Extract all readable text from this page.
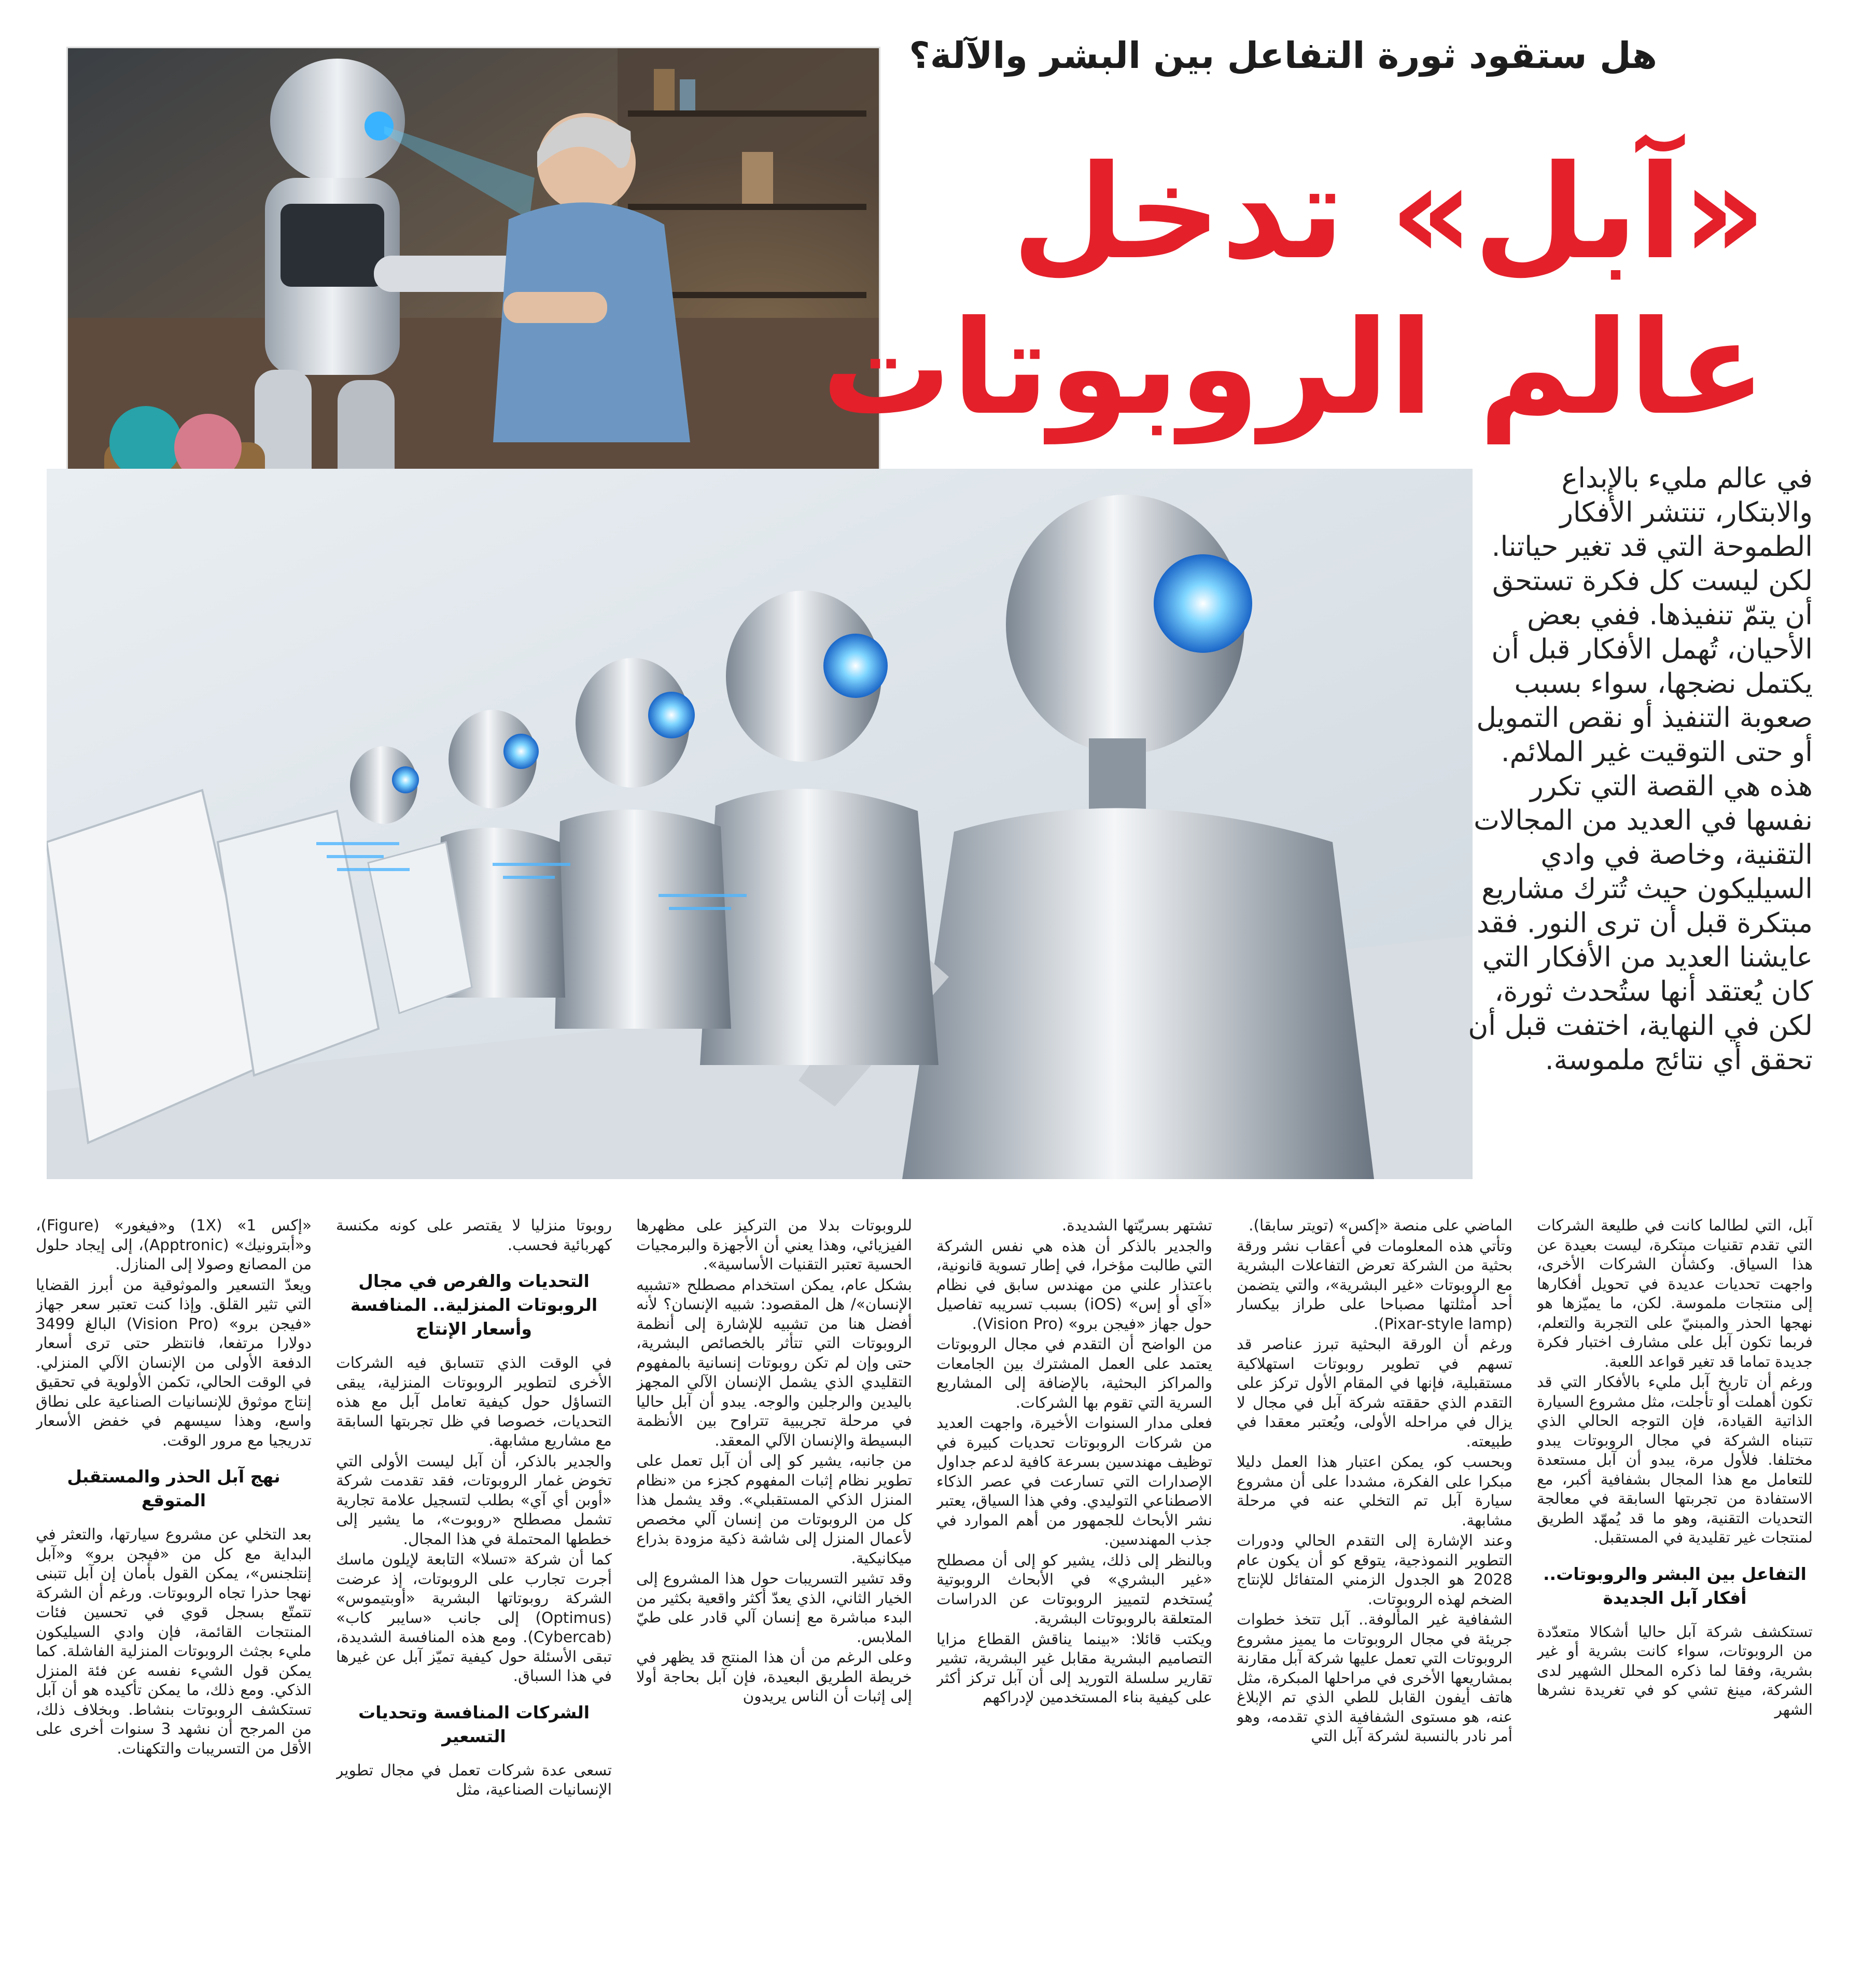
هل ستقود ثورة التفاعل بين البشر والآلة؟
«آبل» تدخل
عالم الروبوتات

في عالم مليء بالإبداع والابتكار، تنتشر الأفكار الطموحة التي قد تغير حياتنا. لكن ليست كل فكرة تستحق أن يتمّ تنفيذها. ففي بعض الأحيان، تُهمل الأفكار قبل أن يكتمل نضجها، سواء بسبب صعوبة التنفيذ أو نقص التمويل أو حتى التوقيت غير الملائم. هذه هي القصة التي تكرر نفسها في العديد من المجالات التقنية، وخاصة في وادي السيليكون حيث تُترك مشاريع مبتكرة قبل أن ترى النور. فقد عايشنا العديد من الأفكار التي كان يُعتقد أنها ستُحدث ثورة، لكن في النهاية، اختفت قبل أن تحقق أي نتائج ملموسة.

آبل، التي لطالما كانت في طليعة الشركات التي تقدم تقنيات مبتكرة، ليست بعيدة عن هذا السياق. وكشأن الشركات الأخرى، واجهت تحديات عديدة في تحويل أفكارها إلى منتجات ملموسة. لكن، ما يميّزها هو نهجها الحذر والمبنيّ على التجربة والتعلم، فربما تكون آبل على مشارف اختبار فكرة جديدة تماما قد تغير قواعد اللعبة.

ورغم أن تاريخ آبل مليء بالأفكار التي قد تكون أهملت أو تأجلت، مثل مشروع السيارة الذاتية القيادة، فإن التوجه الحالي الذي تتبناه الشركة في مجال الروبوتات يبدو مختلفا. فلأول مرة، يبدو أن آبل مستعدة للتعامل مع هذا المجال بشفافية أكبر، مع الاستفادة من تجربتها السابقة في معالجة التحديات التقنية، وهو ما قد يُمهّد الطريق لمنتجات غير تقليدية في المستقبل.

التفاعل بين البشر والروبوتات.. أفكار آبل الجديدة

تستكشف شركة آبل حاليا أشكالا متعدّدة من الروبوتات، سواء كانت بشرية أو غير بشرية، وفقا لما ذكره المحلل الشهير لدى الشركة، مينغ تشي كو في تغريدة نشرها الشهر

الماضي على منصة «إكس» (تويتر سابقا).

وتأتي هذه المعلومات في أعقاب نشر ورقة بحثية من الشركة تعرض التفاعلات البشرية مع الروبوتات «غير البشرية»، والتي يتضمن أحد أمثلتها مصباحا على طراز بيكسار (Pixar-style lamp).

ورغم أن الورقة البحثية تبرز عناصر قد تسهم في تطوير روبوتات استهلاكية مستقبلية، فإنها في المقام الأول تركز على التقدم الذي حققته شركة آبل في مجال لا يزال في مراحله الأولى، ويُعتبر معقدا في طبيعته.

وبحسب كو، يمكن اعتبار هذا العمل دليلا مبكرا على الفكرة، مشددا على أن مشروع سيارة آبل تم التخلي عنه في مرحلة مشابهة.

وعند الإشارة إلى التقدم الحالي ودورات التطوير النموذجية، يتوقع كو أن يكون عام 2028 هو الجدول الزمني المتفائل للإنتاج الضخم لهذه الروبوتات.

الشفافية غير المألوفة.. آبل تتخذ خطوات جريئة في مجال الروبوتات ما يميز مشروع الروبوتات التي تعمل عليها شركة آبل مقارنة بمشاريعها الأخرى في مراحلها المبكرة، مثل هاتف أيفون القابل للطي الذي تم الإبلاغ عنه، هو مستوى الشفافية الذي تقدمه، وهو أمر نادر بالنسبة لشركة آبل التي

تشتهر بسريّتها الشديدة.

والجدير بالذكر أن هذه هي نفس الشركة التي طالبت مؤخرا، في إطار تسوية قانونية، باعتذار علني من مهندس سابق في نظام «آي أو إس» (iOS) بسبب تسريبه تفاصيل حول جهاز «فيجن برو» (Vision Pro).

من الواضح أن التقدم في مجال الروبوتات يعتمد على العمل المشترك بين الجامعات والمراكز البحثية، بالإضافة إلى المشاريع السرية التي تقوم بها الشركات.

فعلى مدار السنوات الأخيرة، واجهت العديد من شركات الروبوتات تحديات كبيرة في توظيف مهندسين بسرعة كافية لدعم جداول الإصدارات التي تسارعت في عصر الذكاء الاصطناعي التوليدي. وفي هذا السياق، يعتبر نشر الأبحاث للجمهور من أهم الموارد في جذب المهندسين.

وبالنظر إلى ذلك، يشير كو إلى أن مصطلح «غير البشري» في الأبحاث الروبوتية يُستخدم لتمييز الروبوتات عن الدراسات المتعلقة بالروبوتات البشرية.

ويكتب قائلا: «بينما يناقش القطاع مزايا التصاميم البشرية مقابل غير البشرية، تشير تقارير سلسلة التوريد إلى أن آبل تركز أكثر على كيفية بناء المستخدمين لإدراكهم

للروبوتات بدلا من التركيز على مظهرها الفيزيائي، وهذا يعني أن الأجهزة والبرمجيات الحسية تعتبر التقنيات الأساسية».

بشكل عام، يمكن استخدام مصطلح «تشبيه الإنسان»/ هل المقصود: شبيه الإنسان؟ لأنه أفضل هنا من تشبيه للإشارة إلى أنظمة الروبوتات التي تتأثر بالخصائص البشرية، حتى وإن لم تكن روبوتات إنسانية بالمفهوم التقليدي الذي يشمل الإنسان الآلي المجهز باليدين والرجلين والوجه. يبدو أن آبل حاليا في مرحلة تجريبية تتراوح بين الأنظمة البسيطة والإنسان الآلي المعقد.

من جانبه، يشير كو إلى أن آبل تعمل على تطوير نظام إثبات المفهوم كجزء من «نظام المنزل الذكي المستقبلي». وقد يشمل هذا كل من الروبوتات من إنسان آلي مخصص لأعمال المنزل إلى شاشة ذكية مزودة بذراع ميكانيكية.

وقد تشير التسريبات حول هذا المشروع إلى الخيار الثاني، الذي يعدّ أكثر واقعية بكثير من البدء مباشرة مع إنسان آلي قادر على طيّ الملابس.

وعلى الرغم من أن هذا المنتج قد يظهر في خريطة الطريق البعيدة، فإن آبل بحاجة أولا إلى إثبات أن الناس يريدون

روبوتا منزليا لا يقتصر على كونه مكنسة كهربائية فحسب.

التحديات والفرص في مجال الروبوتات المنزلية.. المنافسة وأسعار الإنتاج

في الوقت الذي تتسابق فيه الشركات الأخرى لتطوير الروبوتات المنزلية، يبقى التساؤل حول كيفية تعامل آبل مع هذه التحديات، خصوصا في ظل تجربتها السابقة مع مشاريع مشابهة.

والجدير بالذكر، أن آبل ليست الأولى التي تخوض غمار الروبوتات، فقد تقدمت شركة «أوبن أي آي» بطلب لتسجيل علامة تجارية تشمل مصطلح «روبوت»، ما يشير إلى خططها المحتملة في هذا المجال.

كما أن شركة «تسلا» التابعة لإيلون ماسك أجرت تجارب على الروبوتات، إذ عرضت الشركة روبوتاتها البشرية «أوبتيموس» (Optimus) إلى جانب «سايبر كاب» (Cybercab). ومع هذه المنافسة الشديدة، تبقى الأسئلة حول كيفية تميّز آبل عن غيرها في هذا السباق.

الشركات المنافسة وتحديات التسعير

تسعى عدة شركات تعمل في مجال تطوير الإنسانيات الصناعية، مثل

«إكس 1» (1X) و«فيغور» (Figure)، و«أبترونيك» (Apptronic)، إلى إيجاد حلول من المصانع وصولا إلى المنازل.

ويعدّ التسعير والموثوقية من أبرز القضايا التي تثير القلق. وإذا كنت تعتبر سعر جهاز «فيجن برو» (Vision Pro) البالغ 3499 دولارا مرتفعا، فانتظر حتى ترى أسعار الدفعة الأولى من الإنسان الآلي المنزلي. في الوقت الحالي، تكمن الأولوية في تحقيق إنتاج موثوق للإنسانيات الصناعية على نطاق واسع، وهذا سيسهم في خفض الأسعار تدريجيا مع مرور الوقت.

نهج آبل الحذر والمستقبل المتوقع

بعد التخلي عن مشروع سيارتها، والتعثر في البداية مع كل من «فيجن برو» و«آبل إنتلجنس»، يمكن القول بأمان إن آبل تتبنى نهجا حذرا تجاه الروبوتات. ورغم أن الشركة تتمتّع بسجل قوي في تحسين فئات المنتجات القائمة، فإن وادي السيليكون مليء بجثث الروبوتات المنزلية الفاشلة. كما يمكن قول الشيء نفسه عن فئة المنزل الذكي. ومع ذلك، ما يمكن تأكيده هو أن آبل تستكشف الروبوتات بنشاط. وبخلاف ذلك، من المرجح أن نشهد 3 سنوات أخرى على الأقل من التسريبات والتكهنات.
